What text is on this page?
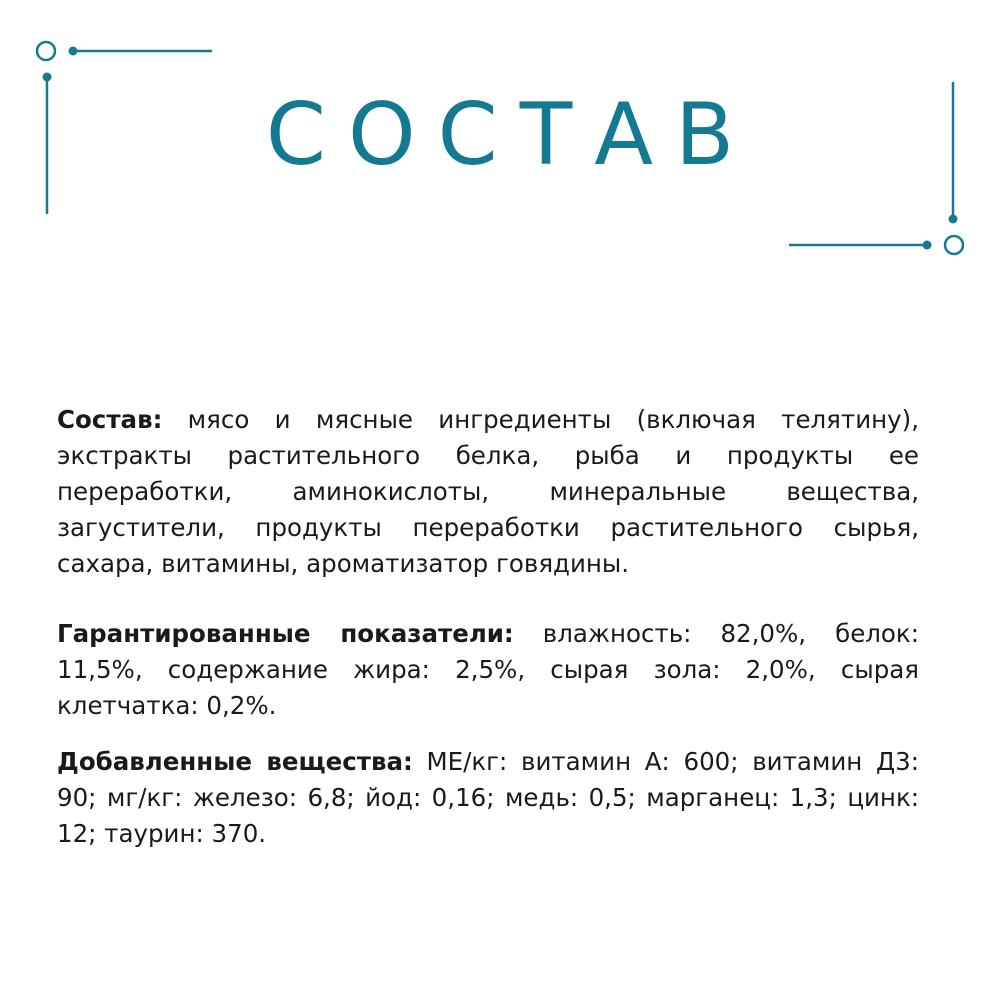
СОСТАВ

Состав: мясо и мясные ингредиенты (включая телятину), экстракты растительного белка, рыба и продукты ее переработки, аминокислоты, минеральные вещества, загустители, продукты переработки растительного сырья, сахара, витамины, ароматизатор говядины.

Гарантированные показатели: влажность: 82,0%, белок: 11,5%, содержание жира: 2,5%, сырая зола: 2,0%, сырая клетчатка: 0,2%.

Добавленные вещества: МЕ/кг: витамин А: 600; витамин Д3: 90; мг/кг: железо: 6,8; йод: 0,16; медь: 0,5; марганец: 1,3; цинк: 12; таурин: 370.
